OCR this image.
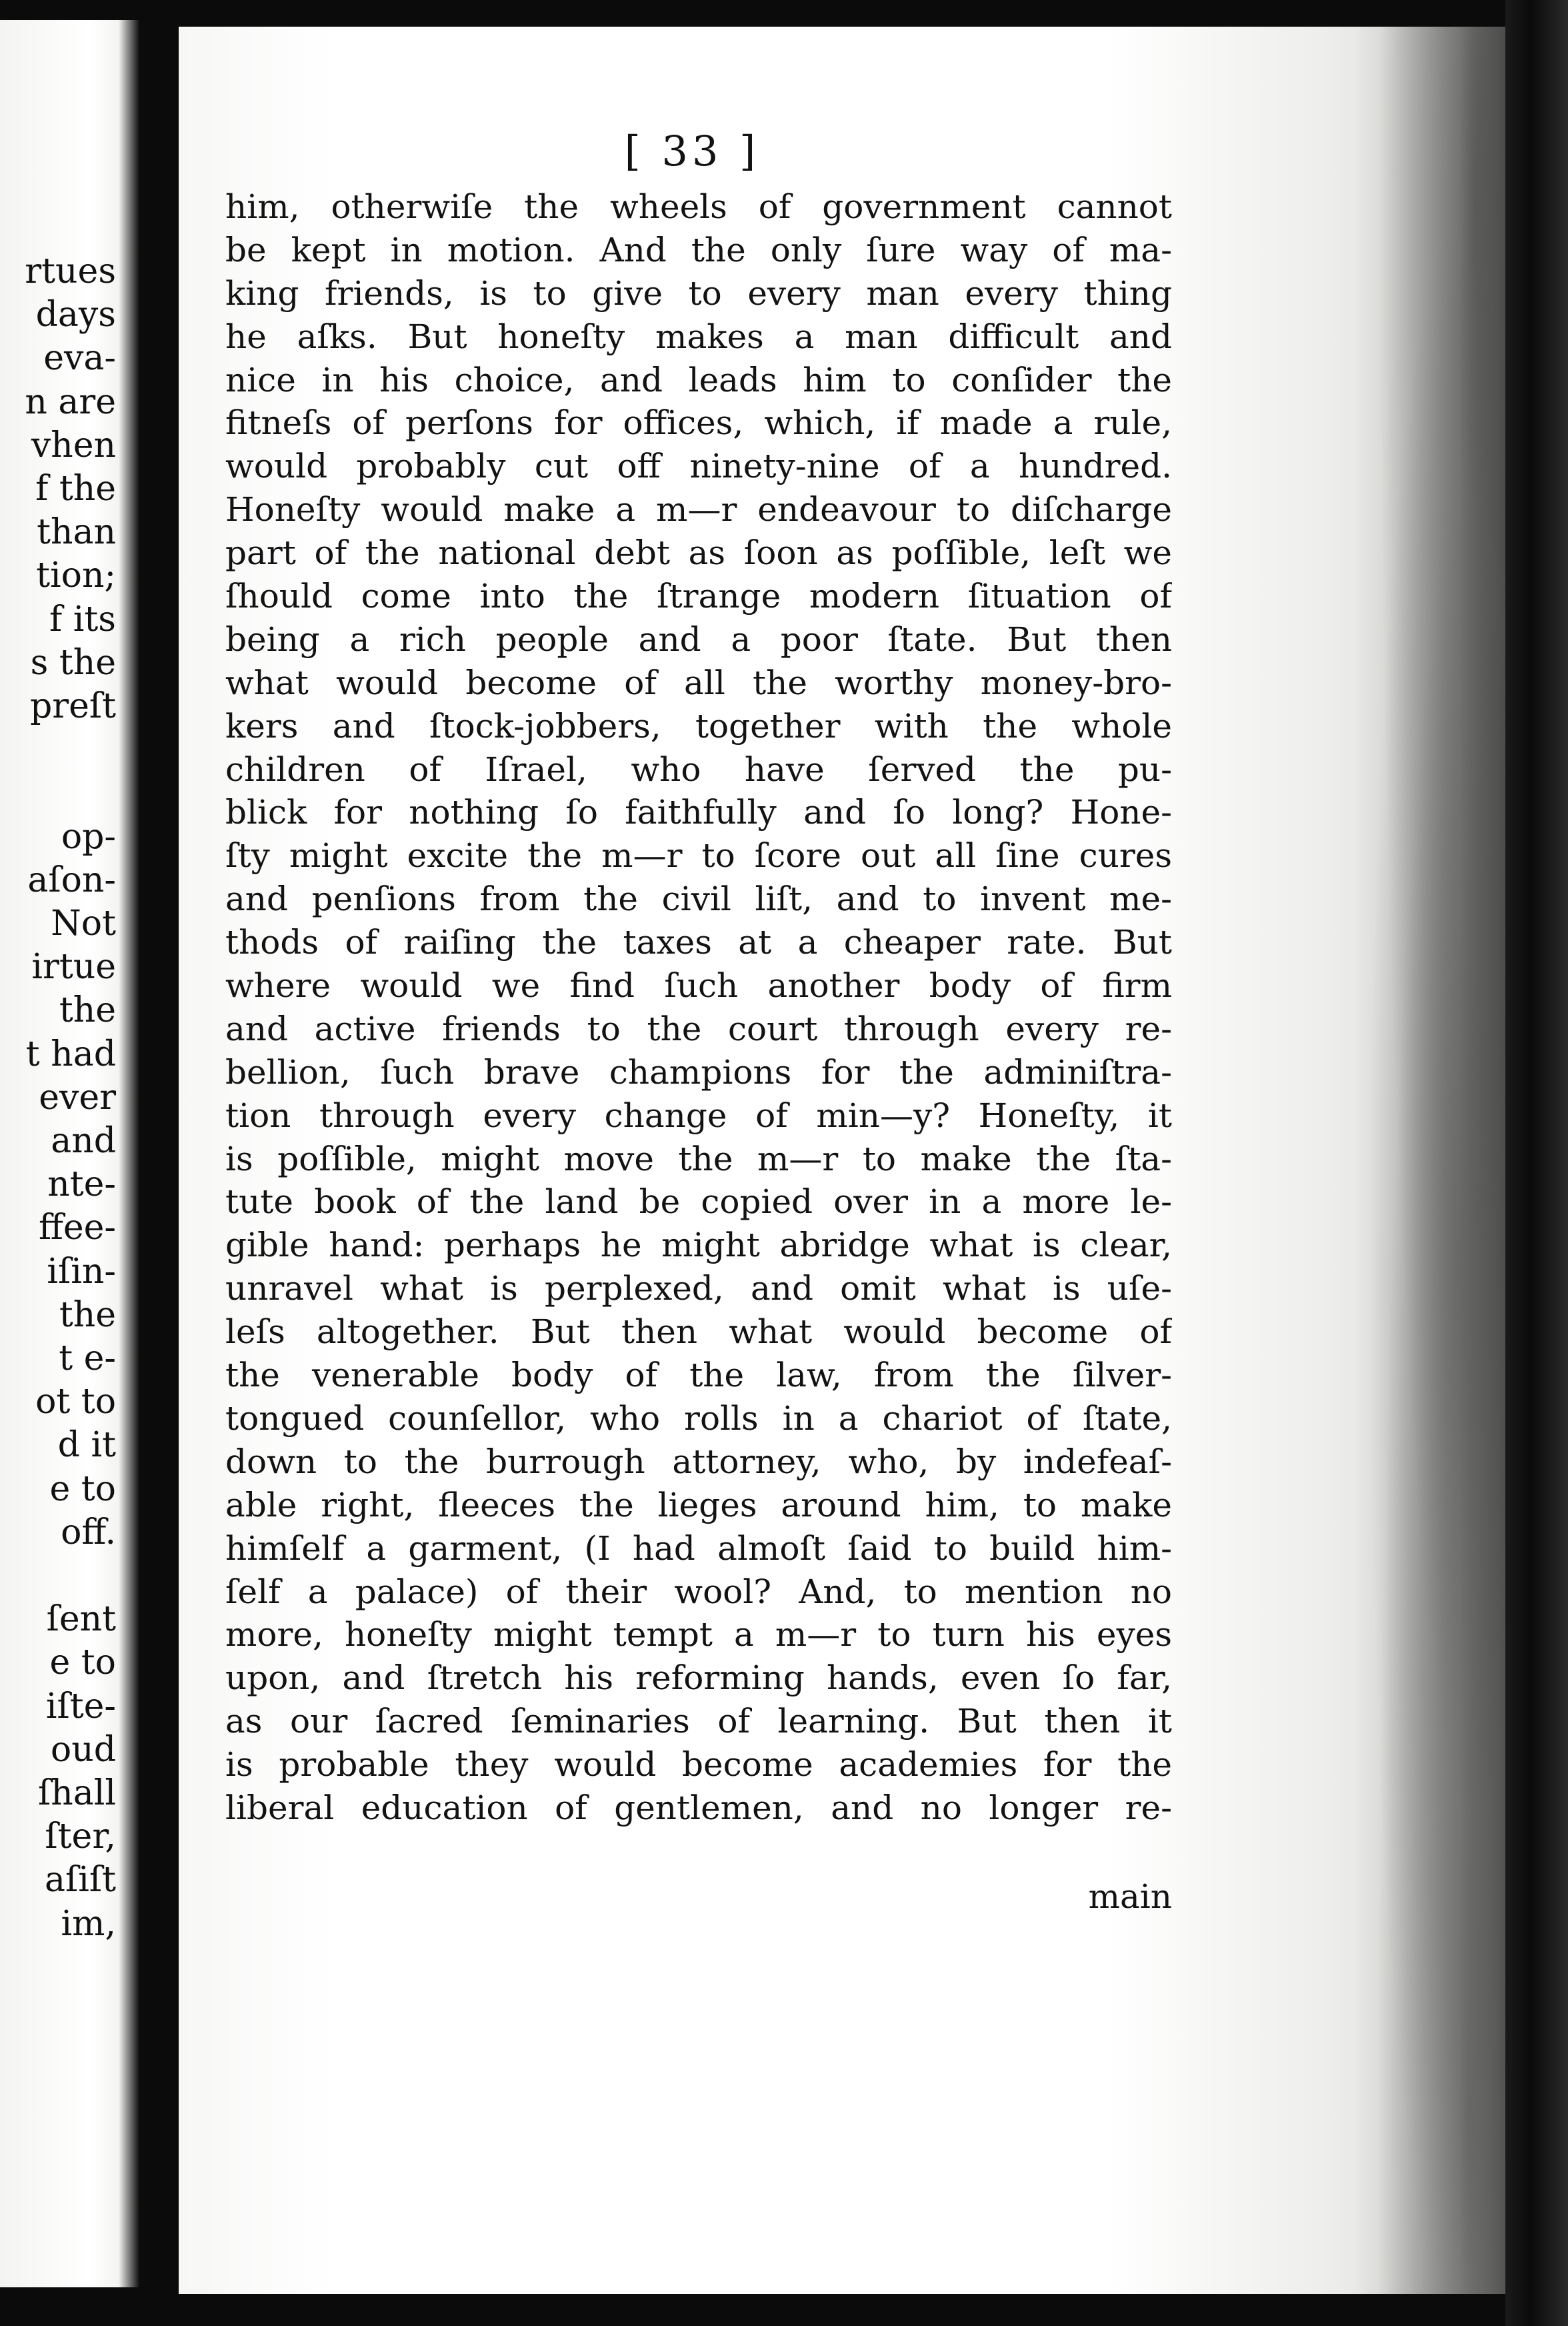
rtues
days
eva-
n are
vhen
f the
than
tion;
f its
s the
preſt
op-
aſon-
Not
irtue
the
t had
ever
and
nte-
ffee-
iſin-
the
t e-
ot to
d it
e to
off.
ſent
e to
iſte-
oud
ſhall
ſter,
aſiſt
im,
[ 33 ]
him, otherwiſe the wheels of government cannot
be kept in motion. And the only ſure way of ma-
king friends, is to give to every man every thing
he aſks. But honeſty makes a man difficult and
nice in his choice, and leads him to conſider the
fitneſs of perſons for offices, which, if made a rule,
would probably cut off ninety-nine of a hundred.
Honeſty would make a m—r endeavour to diſcharge
part of the national debt as ſoon as poſſible, leſt we
ſhould come into the ſtrange modern ſituation of
being a rich people and a poor ſtate. But then
what would become of all the worthy money-bro-
kers and ſtock-jobbers, together with the whole
children of Iſrael, who have ſerved the pu-
blick for nothing ſo faithfully and ſo long? Hone-
ſty might excite the m—r to ſcore out all ſine cures
and penſions from the civil liſt, and to invent me-
thods of raiſing the taxes at a cheaper rate. But
where would we find ſuch another body of firm
and active friends to the court through every re-
bellion, ſuch brave champions for the adminiſtra-
tion through every change of min—y? Honeſty, it
is poſſible, might move the m—r to make the ſta-
tute book of the land be copied over in a more le-
gible hand: perhaps he might abridge what is clear,
unravel what is perplexed, and omit what is uſe-
leſs altogether. But then what would become of
the venerable body of the law, from the ſilver-
tongued counſellor, who rolls in a chariot of ſtate,
down to the burrough attorney, who, by indefeaſ-
able right, fleeces the lieges around him, to make
himſelf a garment, (I had almoſt ſaid to build him-
ſelf a palace) of their wool? And, to mention no
more, honeſty might tempt a m—r to turn his eyes
upon, and ſtretch his reforming hands, even ſo far,
as our ſacred ſeminaries of learning. But then it
is probable they would become academies for the
liberal education of gentlemen, and no longer re-
main
